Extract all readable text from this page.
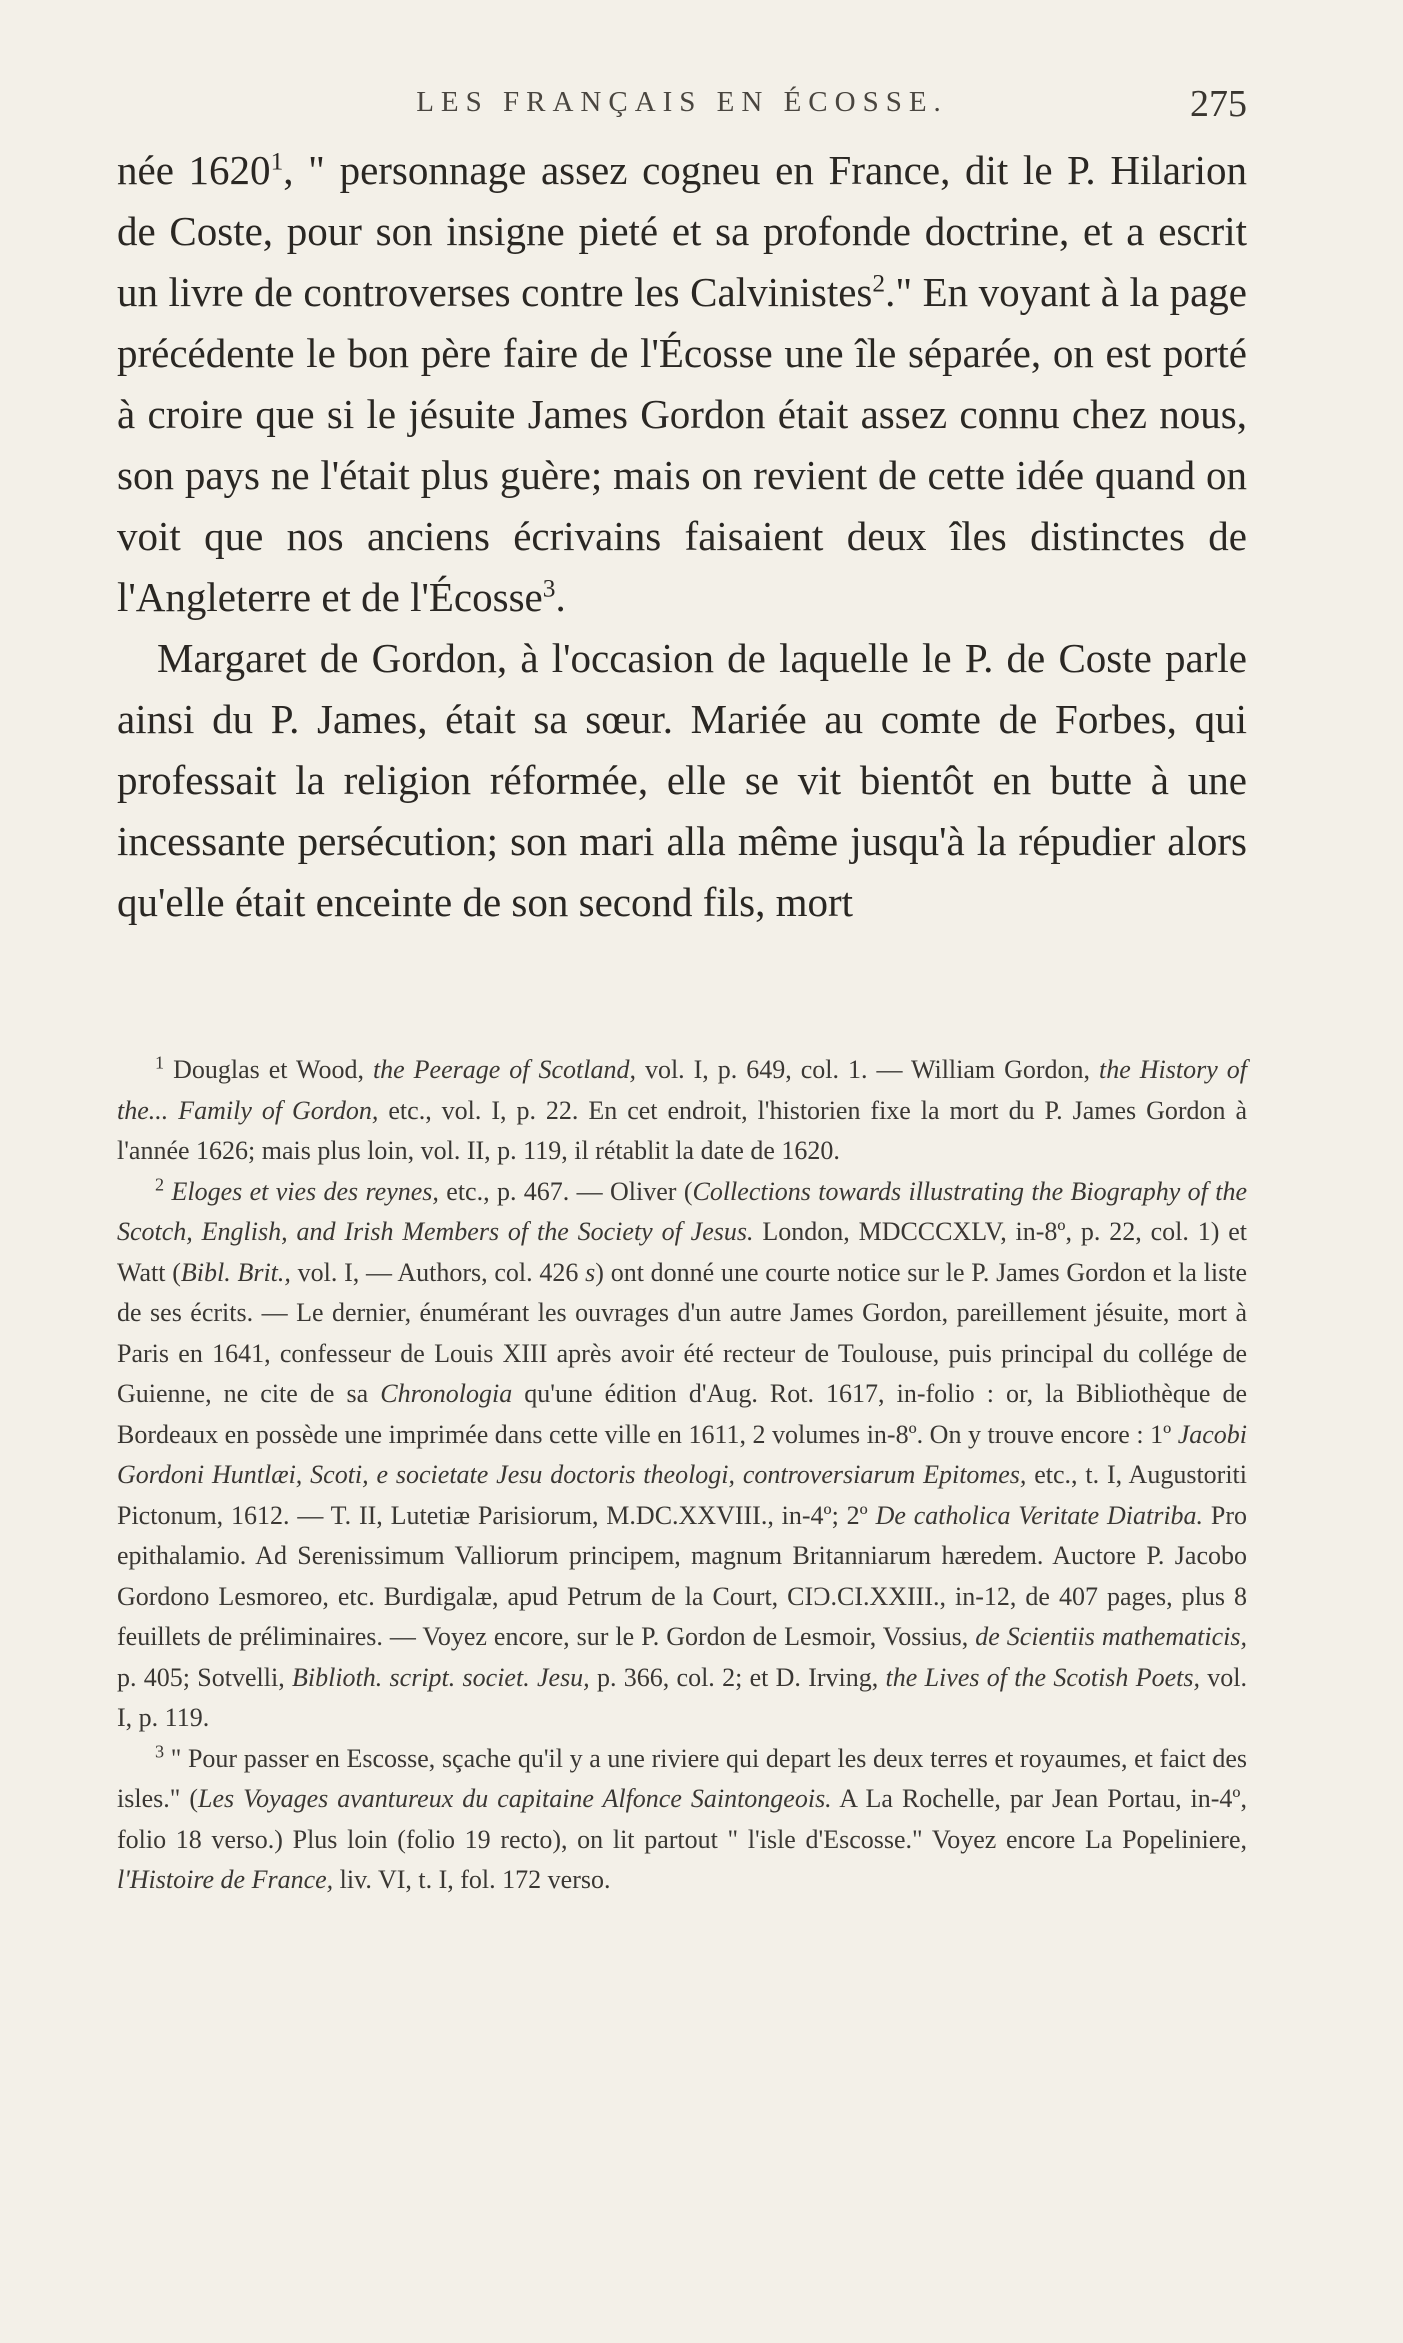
LES FRANÇAIS EN ÉCOSSE.	275

née 1620$^1$, " personnage assez cogneu en France, dit le P. Hilarion de Coste, pour son insigne pieté et sa profonde doctrine, et a escrit un livre de controverses contre les Calvinistes$^2$." En voyant à la page précédente le bon père faire de l'Écosse une île séparée, on est porté à croire que si le jésuite James Gordon était assez connu chez nous, son pays ne l'était plus guère; mais on revient de cette idée quand on voit que nos anciens écrivains faisaient deux îles distinctes de l'Angleterre et de l'Écosse$^3$.

Margaret de Gordon, à l'occasion de laquelle le P. de Coste parle ainsi du P. James, était sa sœur. Mariée au comte de Forbes, qui professait la religion réformée, elle se vit bientôt en butte à une incessante persécution; son mari alla même jusqu'à la répudier alors qu'elle était enceinte de son second fils, mort

$^1$ Douglas et Wood, the Peerage of Scotland, vol. I, p. 649, col. 1. — William Gordon, the History of the... Family of Gordon, etc., vol. I, p. 22. En cet endroit, l'historien fixe la mort du P. James Gordon à l'année 1626; mais plus loin, vol. II, p. 119, il rétablit la date de 1620.

$^2$ Eloges et vies des reynes, etc., p. 467. — Oliver (Collections towards illustrating the Biography of the Scotch, English, and Irish Members of the Society of Jesus. London, MDCCCXLV, in-8º, p. 22, col. 1) et Watt (Bibl. Brit., vol. I, — Authors, col. 426 s) ont donné une courte notice sur le P. James Gordon et la liste de ses écrits. — Le dernier, énumérant les ouvrages d'un autre James Gordon, pareillement jésuite, mort à Paris en 1641, confesseur de Louis XIII après avoir été recteur de Toulouse, puis principal du collége de Guienne, ne cite de sa Chronologia qu'une édition d'Aug. Rot. 1617, in-folio : or, la Bibliothèque de Bordeaux en possède une imprimée dans cette ville en 1611, 2 volumes in-8º. On y trouve encore : 1º Jacobi Gordoni Huntlæi, Scoti, e societate Jesu doctoris theologi, controversiarum Epitomes, etc., t. I, Augustoriti Pictonum, 1612. — T. II, Lutetiæ Parisiorum, M.DC.XXVIII., in-4º; 2º De catholica Veritate Diatriba. Pro epithalamio. Ad Serenissimum Valliorum principem, magnum Britanniarum hæredem. Auctore P. Jacobo Gordono Lesmoreo, etc. Burdigalæ, apud Petrum de la Court, CIƆ.CI.XXIII., in-12, de 407 pages, plus 8 feuillets de préliminaires. — Voyez encore, sur le P. Gordon de Lesmoir, Vossius, de Scientiis mathematicis, p. 405; Sotvelli, Biblioth. script. societ. Jesu, p. 366, col. 2; et D. Irving, the Lives of the Scotish Poets, vol. I, p. 119.

$^3$ " Pour passer en Escosse, sçache qu'il y a une riviere qui depart les deux terres et royaumes, et faict des isles." (Les Voyages avantureux du capitaine Alfonce Saintongeois. A La Rochelle, par Jean Portau, in-4º, folio 18 verso.) Plus loin (folio 19 recto), on lit partout " l'isle d'Escosse." Voyez encore La Popeliniere, l'Histoire de France, liv. VI, t. I, fol. 172 verso.
